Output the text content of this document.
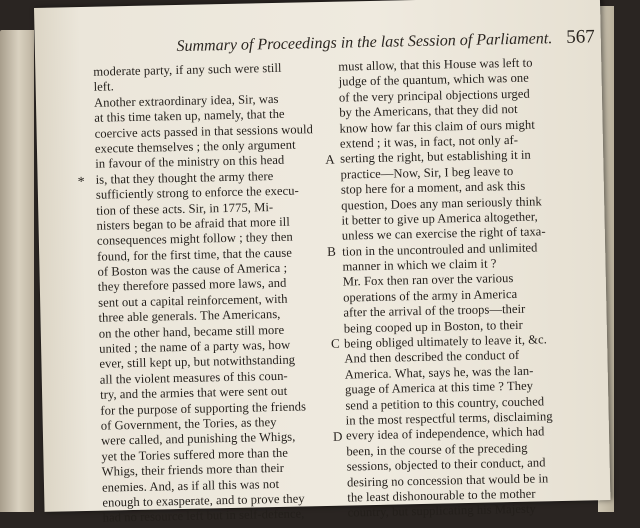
Summary of Proceedings in the last Session of Parliament. 567
*
moderate party, if any such were still
left.
Another extraordinary idea, Sir, was
at this time taken up, namely, that the
coercive acts passed in that sessions would
execute themselves ; the only argument
in favour of the ministry on this head
is, that they thought the army there
sufficiently strong to enforce the execu-
tion of these acts. Sir, in 1775, Mi-
nisters began to be afraid that more ill
consequences might follow ; they then
found, for the first time, that the cause
of Boston was the cause of America ;
they therefore passed more laws, and
sent out a capital reinforcement, with
three able generals. The Americans,
on the other hand, became still more
united ; the name of a party was, how
ever, still kept up, but notwithstanding
all the violent measures of this coun-
try, and the armies that were sent out
for the purpose of supporting the friends
of Government, the Tories, as they
were called, and punishing the Whigs,
yet the Tories suffered more than the
Whigs, their friends more than their
enemies. And, as if all this was not
enough to exasperate, and to prove they
had no resource left but in self-defence,
A
B
C
D
must allow, that this House was left to
judge of the quantum, which was one
of the very principal objections urged
by the Americans, that they did not
know how far this claim of ours might
extend ; it was, in fact, not only af-
serting the right, but establishing it in
practice—Now, Sir, I beg leave to
stop here for a moment, and ask this
question, Does any man seriously think
it better to give up America altogether,
unless we can exercise the right of taxa-
tion in the uncontrouled and unlimited
manner in which we claim it ?
Mr. Fox then ran over the various
operations of the army in America
after the arrival of the troops—their
being cooped up in Boston, to their
being obliged ultimately to leave it, &c.
And then described the conduct of
America. What, says he, was the lan-
guage of America at this time ? They
send a petition to this country, couched
in the most respectful terms, disclaiming
every idea of independence, which had
been, in the course of the preceding
sessions, objected to their conduct, and
desiring no concession that would be in
the least dishonourable to the mother
country, but supplicating his Majesty
